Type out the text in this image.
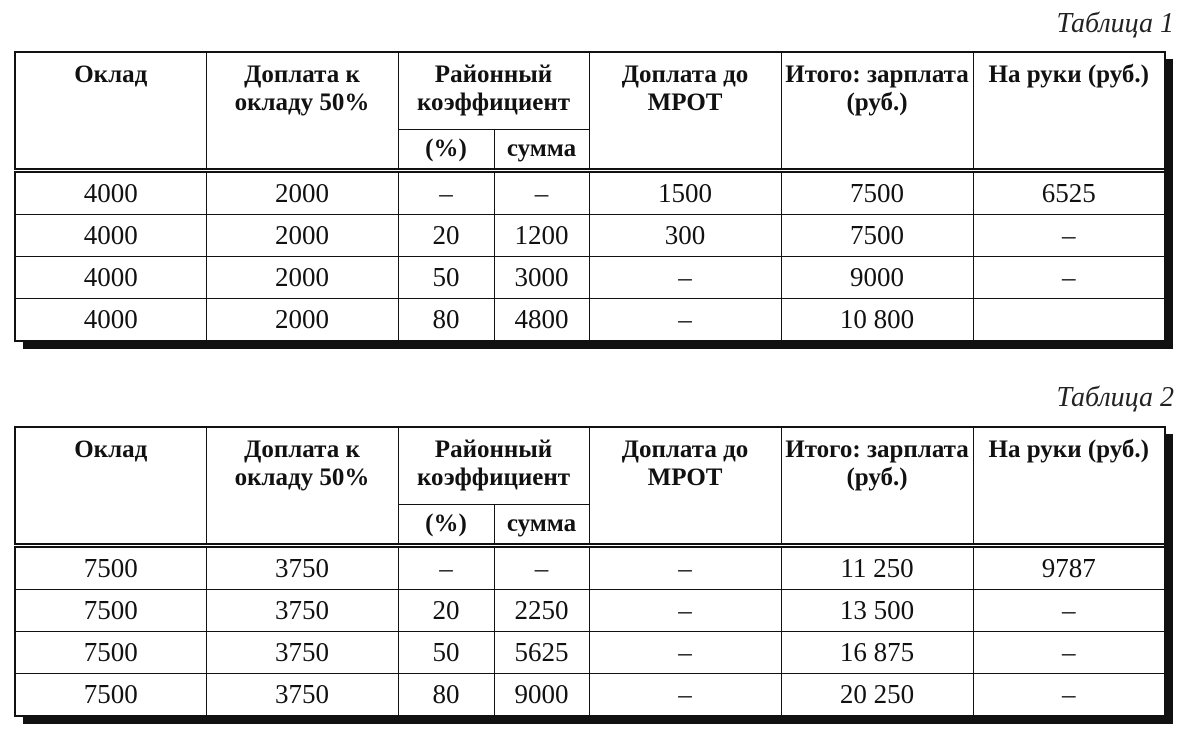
Таблица 1
Оклад	Доплата к окладу 50%	Районный коэффициент		Доплата до МРОТ	Итого: зарплата (руб.)	На руки (руб.)
		(%)	сумма			
4000	2000	–	–	1500	7500	6525
4000	2000	20	1200	300	7500	–
4000	2000	50	3000	–	9000	–
4000	2000	80	4800	–	10 800	
Таблица 2
Оклад	Доплата к окладу 50%	Районный коэффициент		Доплата до МРОТ	Итого: зарплата (руб.)	На руки (руб.)
		(%)	сумма			
7500	3750	–	–	–	11 250	9787
7500	3750	20	2250	–	13 500	–
7500	3750	50	5625	–	16 875	–
7500	3750	80	9000	–	20 250	–
